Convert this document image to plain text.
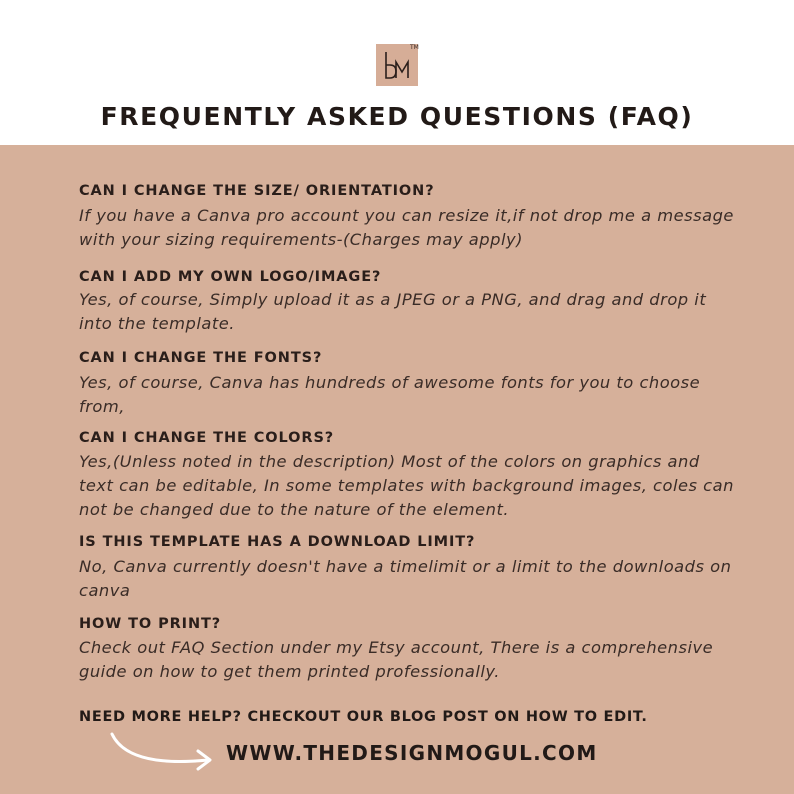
TM
FREQUENTLY ASKED QUESTIONS (FAQ)
CAN I CHANGE THE SIZE/ ORIENTATION?
If you have a Canva pro account you can resize it,if not drop me a message with your sizing requirements-(Charges may apply)
CAN I ADD MY OWN LOGO/IMAGE?
Yes, of course, Simply upload it as a JPEG or a PNG, and drag and drop it into the template.
CAN I CHANGE THE FONTS?
Yes, of course, Canva has hundreds of awesome fonts for you to choose from,
CAN I CHANGE THE COLORS?
Yes,(Unless noted in the description) Most of the colors on graphics and text can be editable, In some templates with background images, coles can not be changed due to the nature of the element.
IS THIS TEMPLATE HAS A DOWNLOAD LIMIT?
No, Canva currently doesn't have a timelimit or a limit to the downloads on canva
HOW TO PRINT?
Check out FAQ Section under my Etsy account, There is a comprehensive guide on how to get them printed professionally.
NEED MORE HELP? CHECKOUT OUR BLOG POST ON HOW TO EDIT.
WWW.THEDESIGNMOGUL.COM
